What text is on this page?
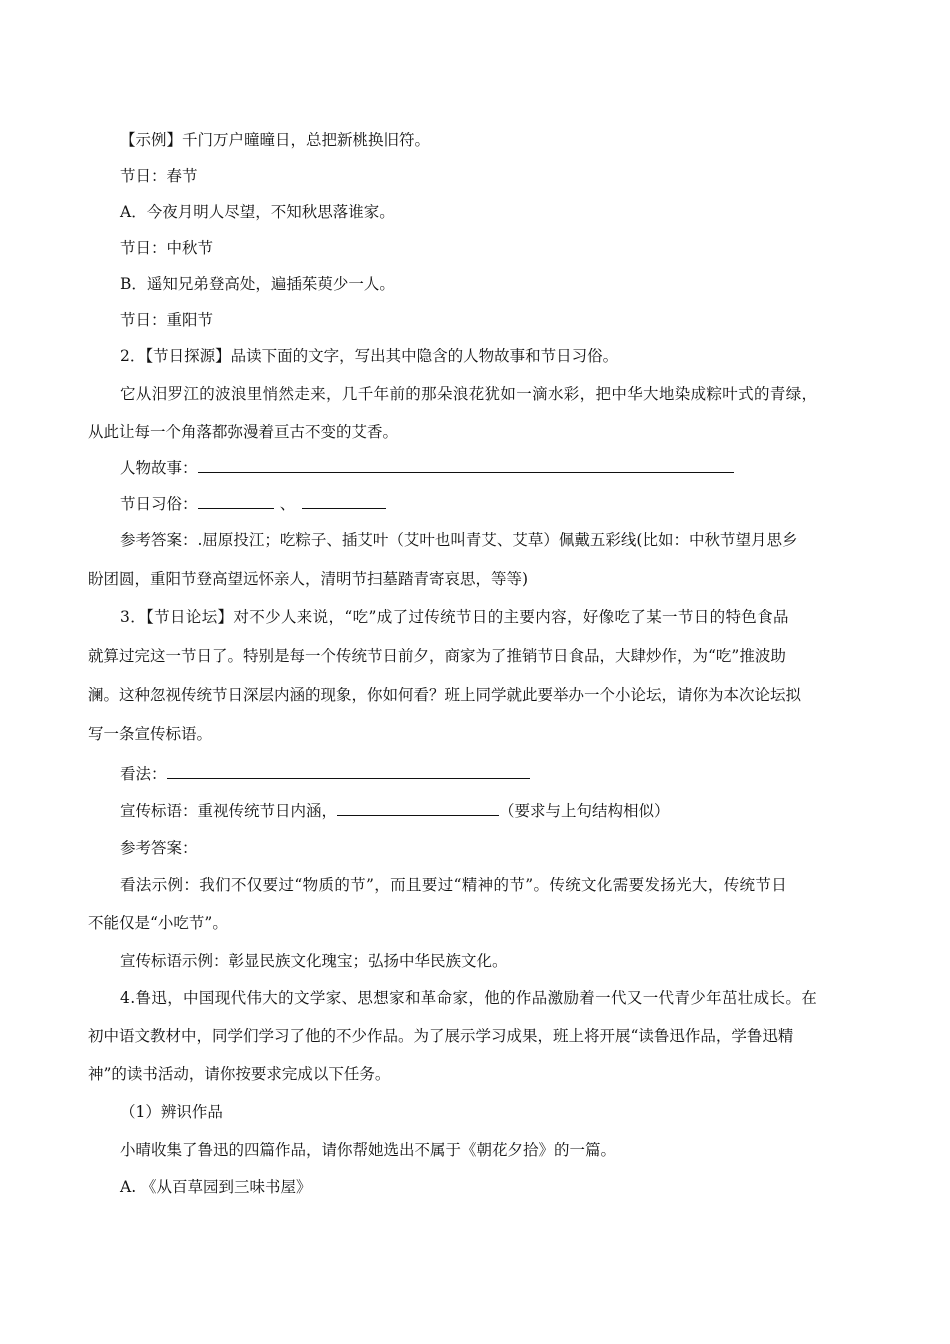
【示例】千门万户曈曈日，总把新桃换旧符。
节日：春节
A．今夜月明人尽望，不知秋思落谁家。
节日：中秋节
B．遥知兄弟登高处，遍插茱萸少一人。
节日：重阳节
2．【节日探源】品读下面的文字，写出其中隐含的人物故事和节日习俗。
它从汨罗江的波浪里悄然走来，几千年前的那朵浪花犹如一滴水彩，把中华大地染成粽叶式的青绿，
从此让每一个角落都弥漫着亘古不变的艾香。
人物故事：
节日习俗：	、
参考答案：.屈原投江；吃粽子、插艾叶（艾叶也叫青艾、艾草）佩戴五彩线(比如：中秋节望月思乡
盼团圆，重阳节登高望远怀亲人，清明节扫墓踏青寄哀思，等等)
3．【节日论坛】对不少人来说，“吃”成了过传统节日的主要内容，好像吃了某一节日的特色食品
就算过完这一节日了。特别是每一个传统节日前夕，商家为了推销节日食品，大肆炒作，为“吃”推波助
澜。这种忽视传统节日深层内涵的现象，你如何看？班上同学就此要举办一个小论坛，请你为本次论坛拟
写一条宣传标语。
看法：
宣传标语：重视传统节日内涵，	（要求与上句结构相似）
参考答案：
看法示例：我们不仅要过“物质的节”，而且要过“精神的节”。传统文化需要发扬光大，传统节日
不能仅是“小吃节”。
宣传标语示例：彰显民族文化瑰宝；弘扬中华民族文化。
4.鲁迅，中国现代伟大的文学家、思想家和革命家，他的作品激励着一代又一代青少年茁壮成长。在
初中语文教材中，同学们学习了他的不少作品。为了展示学习成果，班上将开展“读鲁迅作品，学鲁迅精
神”的读书活动，请你按要求完成以下任务。
（1）辨识作品
小晴收集了鲁迅的四篇作品，请你帮她选出不属于《朝花夕拾》的一篇。
A. 《从百草园到三味书屋》
